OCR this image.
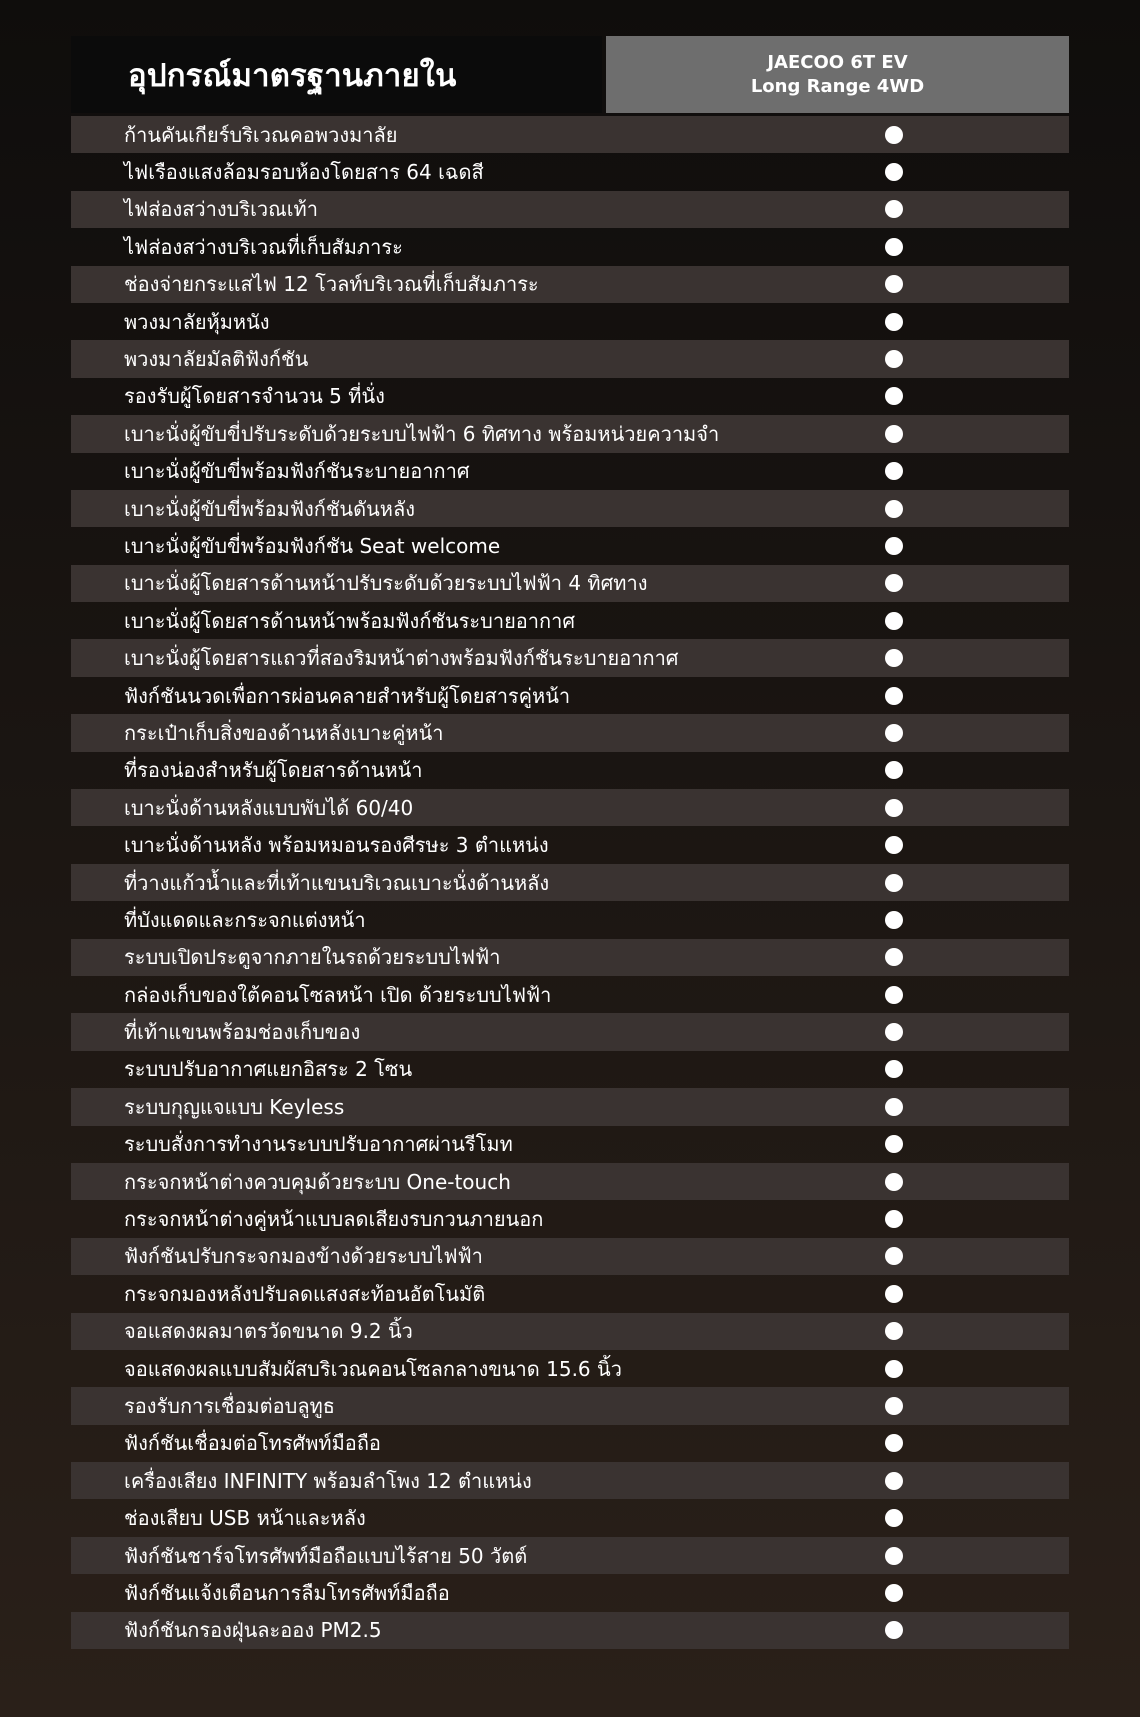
อุปกรณ์มาตรฐานภายใน	JAECOO 6T EV
Long Range 4WD
ก้านคันเกียร์บริเวณคอพวงมาลัย
ไฟเรืองแสงล้อมรอบห้องโดยสาร 64 เฉดสี
ไฟส่องสว่างบริเวณเท้า
ไฟส่องสว่างบริเวณที่เก็บสัมภาระ
ช่องจ่ายกระแสไฟ 12 โวลท์บริเวณที่เก็บสัมภาระ
พวงมาลัยหุ้มหนัง
พวงมาลัยมัลติฟังก์ชัน
รองรับผู้โดยสารจำนวน 5 ที่นั่ง
เบาะนั่งผู้ขับขี่ปรับระดับด้วยระบบไฟฟ้า 6 ทิศทาง พร้อมหน่วยความจำ
เบาะนั่งผู้ขับขี่พร้อมฟังก์ชันระบายอากาศ
เบาะนั่งผู้ขับขี่พร้อมฟังก์ชันดันหลัง
เบาะนั่งผู้ขับขี่พร้อมฟังก์ชัน Seat welcome
เบาะนั่งผู้โดยสารด้านหน้าปรับระดับด้วยระบบไฟฟ้า 4 ทิศทาง
เบาะนั่งผู้โดยสารด้านหน้าพร้อมฟังก์ชันระบายอากาศ
เบาะนั่งผู้โดยสารแถวที่สองริมหน้าต่างพร้อมฟังก์ชันระบายอากาศ
ฟังก์ชันนวดเพื่อการผ่อนคลายสำหรับผู้โดยสารคู่หน้า
กระเป๋าเก็บสิ่งของด้านหลังเบาะคู่หน้า
ที่รองน่องสำหรับผู้โดยสารด้านหน้า
เบาะนั่งด้านหลังแบบพับได้ 60/40
เบาะนั่งด้านหลัง พร้อมหมอนรองศีรษะ 3 ตำแหน่ง
ที่วางแก้วน้ำและที่เท้าแขนบริเวณเบาะนั่งด้านหลัง
ที่บังแดดและกระจกแต่งหน้า
ระบบเปิดประตูจากภายในรถด้วยระบบไฟฟ้า
กล่องเก็บของใต้คอนโซลหน้า เปิด ด้วยระบบไฟฟ้า
ที่เท้าแขนพร้อมช่องเก็บของ
ระบบปรับอากาศแยกอิสระ 2 โซน
ระบบกุญแจแบบ Keyless
ระบบสั่งการทำงานระบบปรับอากาศผ่านรีโมท
กระจกหน้าต่างควบคุมด้วยระบบ One-touch
กระจกหน้าต่างคู่หน้าแบบลดเสียงรบกวนภายนอก
ฟังก์ชันปรับกระจกมองข้างด้วยระบบไฟฟ้า
กระจกมองหลังปรับลดแสงสะท้อนอัตโนมัติ
จอแสดงผลมาตรวัดขนาด 9.2 นิ้ว
จอแสดงผลแบบสัมผัสบริเวณคอนโซลกลางขนาด 15.6 นิ้ว
รองรับการเชื่อมต่อบลูทูธ
ฟังก์ชันเชื่อมต่อโทรศัพท์มือถือ
เครื่องเสียง INFINITY พร้อมลำโพง 12 ตำแหน่ง
ช่องเสียบ USB หน้าและหลัง
ฟังก์ชันชาร์จโทรศัพท์มือถือแบบไร้สาย 50 วัตต์
ฟังก์ชันแจ้งเตือนการลืมโทรศัพท์มือถือ
ฟังก์ชันกรองฝุ่นละออง PM2.5
